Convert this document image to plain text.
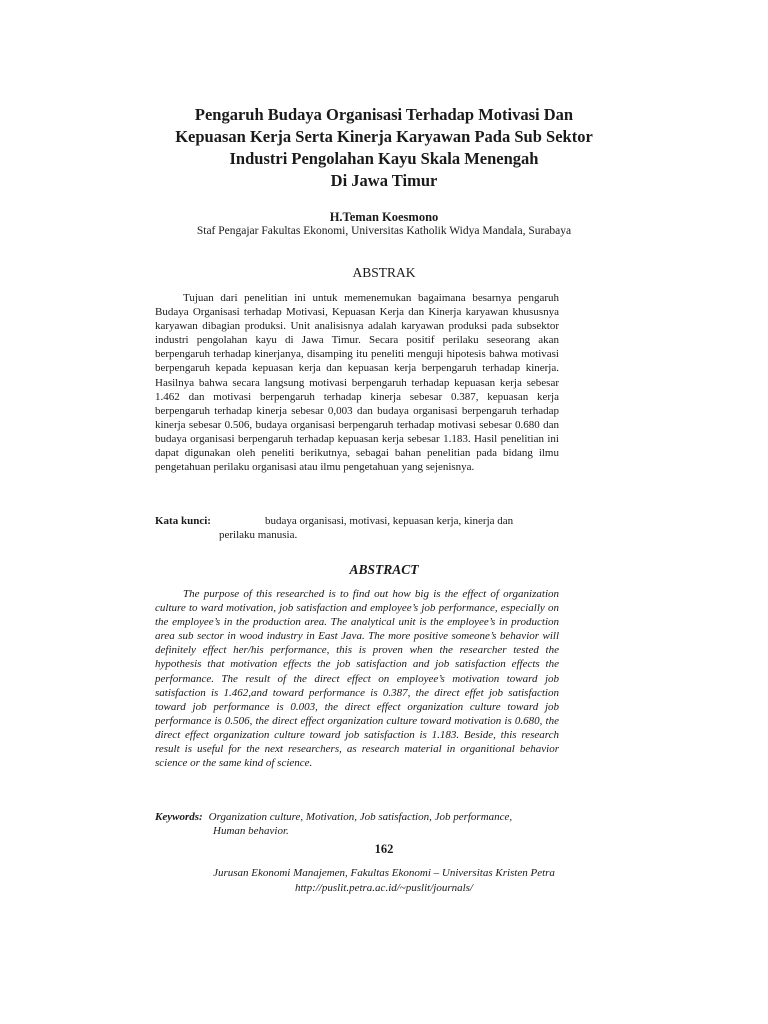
Pengaruh Budaya Organisasi Terhadap Motivasi Dan
Kepuasan Kerja Serta Kinerja Karyawan Pada Sub Sektor
Industri Pengolahan Kayu Skala Menengah
Di Jawa Timur
H.Teman Koesmono
Staf Pengajar Fakultas Ekonomi, Universitas Katholik Widya Mandala, Surabaya
ABSTRAK
Tujuan dari penelitian ini untuk memenemukan bagaimana besarnya pengaruh Budaya Organisasi terhadap Motivasi, Kepuasan Kerja dan Kinerja karyawan khususnya karyawan dibagian produksi. Unit analisisnya adalah karyawan produksi pada subsektor industri pengolahan kayu di Jawa Timur. Secara positif perilaku seseorang akan berpengaruh terhadap kinerjanya, disamping itu peneliti menguji hipotesis bahwa motivasi berpengaruh kepada kepuasan kerja dan kepuasan kerja berpengaruh terhadap kinerja. Hasilnya bahwa secara langsung motivasi berpengaruh terhadap kepuasan kerja sebesar 1.462 dan motivasi berpengaruh terhadap kinerja sebesar 0.387, kepuasan kerja berpengaruh terhadap kinerja sebesar 0,003 dan budaya organisasi berpengaruh terhadap kinerja sebesar 0.506, budaya organisasi berpengaruh terhadap motivasi sebesar 0.680 dan budaya organisasi berpengaruh terhadap kepuasan kerja sebesar 1.183. Hasil penelitian ini dapat digunakan oleh peneliti berikutnya, sebagai bahan penelitian pada bidang ilmu pengetahuan perilaku organisasi atau ilmu pengetahuan yang sejenisnya.
Kata kunci:	budaya organisasi, motivasi, kepuasan kerja, kinerja dan
perilaku manusia.
ABSTRACT
The purpose of this researched is to find out how big is the effect of organization culture to ward motivation, job satisfaction and employee’s job performance, especially on the employee’s in the production area. The analytical unit is the employee’s in production area sub sector in wood industry in East Java. The more positive someone’s behavior will definitely effect her/his performance, this is proven when the researcher tested the hypothesis that motivation effects the job satisfaction and job satisfaction effects the performance. The result of the direct effect on employee’s motivation toward job satisfaction is 1.462,and toward performance is 0.387, the direct effet job satisfaction toward job performance is 0.003, the direct effect organization culture toward job performance is 0.506, the direct effect organization culture toward motivation is 0.680, the direct effect organization culture toward job satisfaction is 1.183. Beside, this research result is useful for the next researchers, as research material in organitional behavior science or the same kind of science.
Keywords: Organization culture, Motivation, Job satisfaction, Job performance,
Human behavior.
162
Jurusan Ekonomi Manajemen, Fakultas Ekonomi – Universitas Kristen Petra
http://puslit.petra.ac.id/~puslit/journals/
